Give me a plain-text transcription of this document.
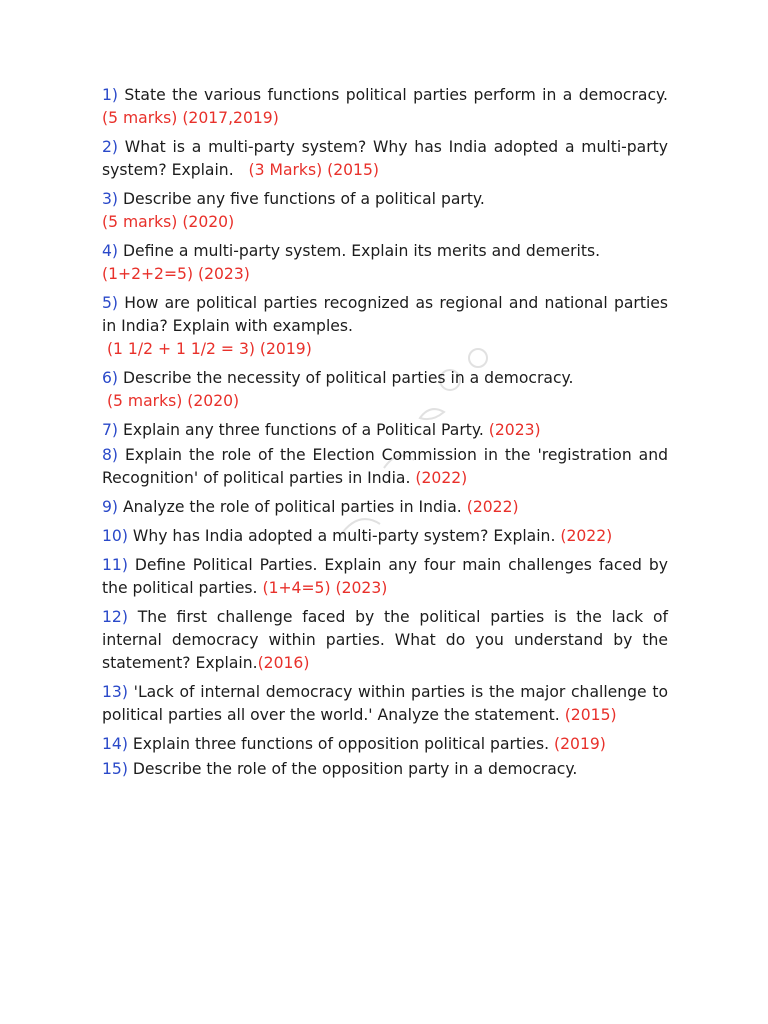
1) State the various functions political parties perform in a democracy. (5 marks) (2017,2019)
2) What is a multi-party system? Why has India adopted a multi-party system? Explain. (3 Marks) (2015)
3) Describe any five functions of a political party.
(5 marks) (2020)
4) Define a multi-party system. Explain its merits and demerits.
(1+2+2=5) (2023)
5) How are political parties recognized as regional and national parties in India? Explain with examples.
(1 1/2 + 1 1/2 = 3) (2019)
6) Describe the necessity of political parties in a democracy.
(5 marks) (2020)
7) Explain any three functions of a Political Party. (2023)
8) Explain the role of the Election Commission in the 'registration and Recognition' of political parties in India. (2022)
9) Analyze the role of political parties in India. (2022)
10) Why has India adopted a multi-party system? Explain. (2022)
11) Define Political Parties. Explain any four main challenges faced by the political parties. (1+4=5) (2023)
12) The first challenge faced by the political parties is the lack of internal democracy within parties. What do you understand by the statement? Explain.(2016)
13) 'Lack of internal democracy within parties is the major challenge to political parties all over the world.' Analyze the statement. (2015)
14) Explain three functions of opposition political parties. (2019)
15) Describe the role of the opposition party in a democracy.
